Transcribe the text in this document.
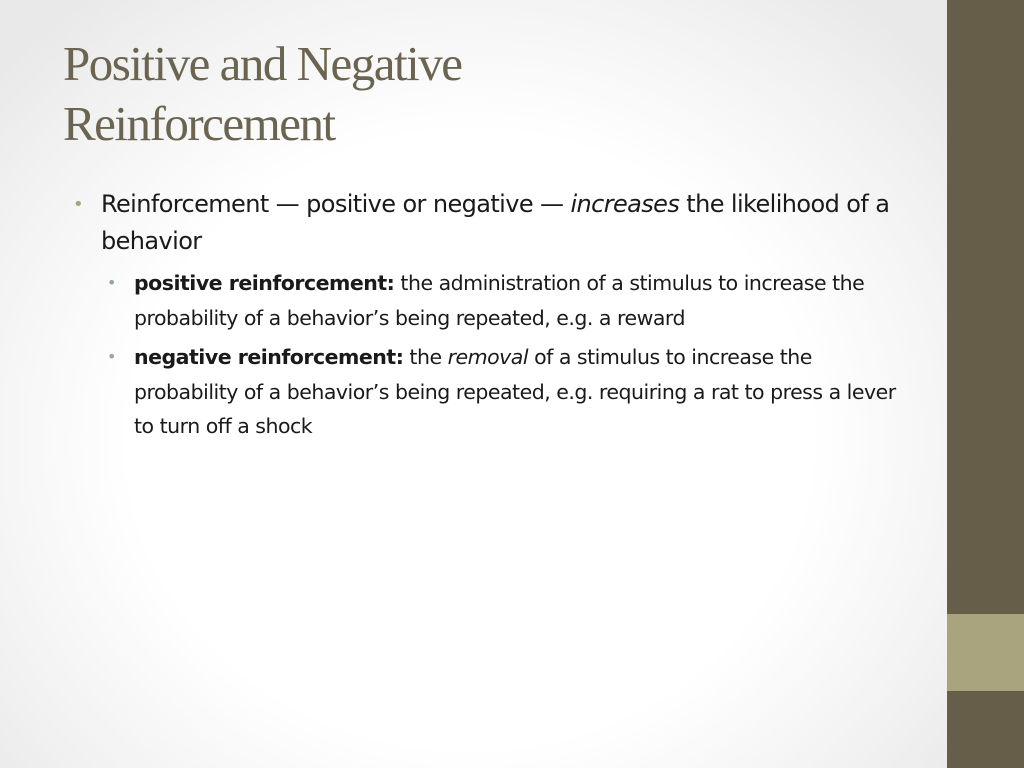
Positive and Negative
Reinforcement
• Reinforcement — positive or negative — increases the likelihood of a behavior
• positive reinforcement: the administration of a stimulus to increase the probability of a behavior’s being repeated, e.g. a reward
• negative reinforcement: the removal of a stimulus to increase the probability of a behavior’s being repeated, e.g. requiring a rat to press a lever to turn off a shock
